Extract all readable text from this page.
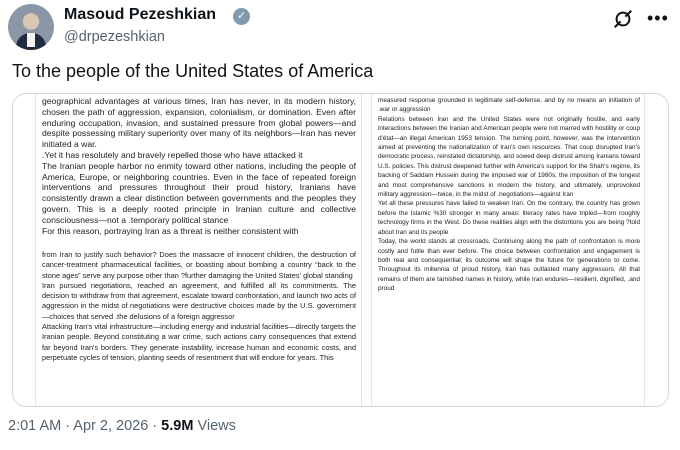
Masoud Pezeshkian	✓
@drpezeshkian
•••
To the people of the United States of America

geographical advantages at various times, Iran has never, in its modern history, chosen the path of aggression, expansion, colonialism, or domination. Even after enduring occupation, invasion, and sustained pressure from global powers—and despite possessing military superiority over many of its neighbors—Iran has never initiated a war.

.Yet it has resolutely and bravely repelled those who have attacked it

The Iranian people harbor no enmity toward other nations, including the people of America, Europe, or neighboring countries. Even in the face of repeated foreign interventions and pressures throughout their proud history, Iranians have consistently drawn a clear distinction between governments and the peoples they govern. This is a deeply rooted principle in Iranian culture and collective consciousness—not a .temporary political stance

For this reason, portraying Iran as a threat is neither consistent with

from Iran to justify such behavior? Does the massacre of innocent children, the destruction of cancer-treatment pharmaceutical facilities, or boasting about bombing a country “back to the stone ages” serve any purpose other than ?further damaging the United States' global standing

Iran pursued negotiations, reached an agreement, and fulfilled all its commitments. The decision to withdraw from that agreement, escalate toward confrontation, and launch two acts of aggression in the midst of negotiations were destructive choices made by the U.S. government—choices that served .the delusions of a foreign aggressor

Attacking Iran's vital infrastructure—including energy and industrial facilities—directly targets the Iranian people. Beyond constituting a war crime, such actions carry consequences that extend far beyond Iran's borders. They generate instability, increase human and economic costs, and perpetuate cycles of tension, planting seeds of resentment that will endure for years. This

measured response grounded in legitimate self-defense, and by no means an initiation of .war or aggression

Relations between Iran and the United States were not originally hostile, and early interactions between the Iranian and American people were not marred with hostility or coup d'état—an illegal American 1953 tension. The turning point, however, was the intervention aimed at preventing the nationalization of Iran's own resources. That coup disrupted Iran's democratic process, reinstated dictatorship, and sowed deep distrust among Iranians toward U.S. policies. This distrust deepened further with America's support for the Shah's regime, its backing of Saddam Hussein during the imposed war of 1980s, the imposition of the longest and most comprehensive sanctions in modern the history, and ultimately, unprovoked military aggression—twice, in the midst of .negotiations—against Iran

Yet all these pressures have failed to weaken Iran. On the contrary, the country has grown before the Islamic %30 stronger in many areas: literacy rates have tripled—from roughly technology firms in the West. Do these realities align with the distortions you are being ?told about Iran and its people

Today, the world stands at crossroads. Continuing along the path of confrontation is more costly and futile than ever before. The choice between confrontation and engagement is both real and consequential; its outcome will shape the future for generations to come. Throughout its millennia of proud history, Iran has outlasted many aggressors. All that remains of them are tarnished names in history, while Iran endures—resilient, dignified, .and proud

2:01 AM · Apr 2, 2026 · 5.9M Views
